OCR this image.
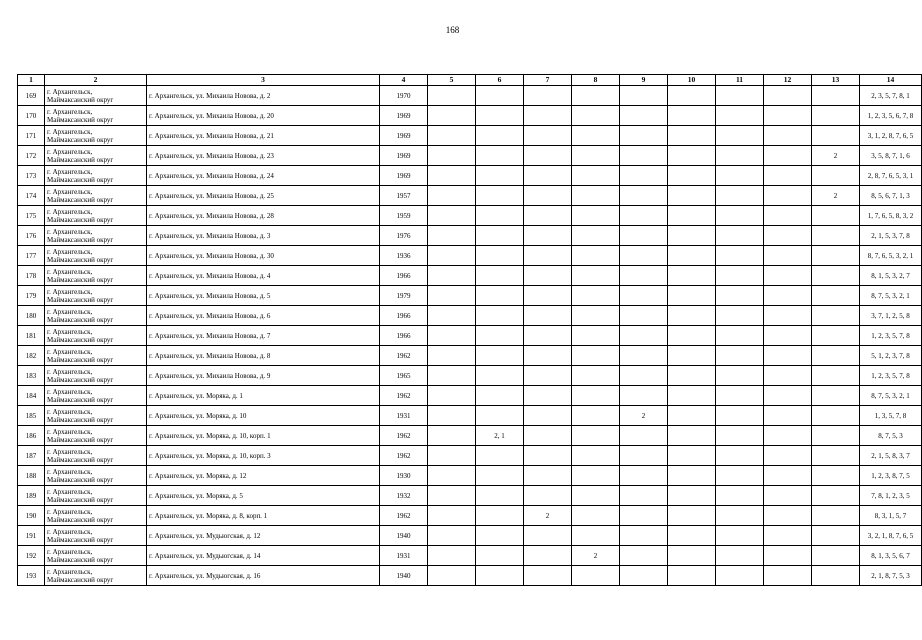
168
1	2	3	4	5	6	7	8	9	10	11	12	13	14
169	г. Архангельск,
Маймаксанский округ	г. Архангельск, ул. Михаила Новова, д. 2	1970										2, 3, 5, 7, 8, 1
170	г. Архангельск,
Маймаксанский округ	г. Архангельск, ул. Михаила Новова, д. 20	1969										1, 2, 3, 5, 6, 7, 8
171	г. Архангельск,
Маймаксанский округ	г. Архангельск, ул. Михаила Новова, д. 21	1969										3, 1, 2, 8, 7, 6, 5
172	г. Архангельск,
Маймаксанский округ	г. Архангельск, ул. Михаила Новова, д. 23	1969									2	3, 5, 8, 7, 1, 6
173	г. Архангельск,
Маймаксанский округ	г. Архангельск, ул. Михаила Новова, д. 24	1969										2, 8, 7, 6, 5, 3, 1
174	г. Архангельск,
Маймаксанский округ	г. Архангельск, ул. Михаила Новова, д. 25	1957									2	8, 5, 6, 7, 1, 3
175	г. Архангельск,
Маймаксанский округ	г. Архангельск, ул. Михаила Новова, д. 28	1959										1, 7, 6, 5, 8, 3, 2
176	г. Архангельск,
Маймаксанский округ	г. Архангельск, ул. Михаила Новова, д. 3	1976										2, 1, 5, 3, 7, 8
177	г. Архангельск,
Маймаксанский округ	г. Архангельск, ул. Михаила Новова, д. 30	1936										8, 7, 6, 5, 3, 2, 1
178	г. Архангельск,
Маймаксанский округ	г. Архангельск, ул. Михаила Новова, д. 4	1966										8, 1, 5, 3, 2, 7
179	г. Архангельск,
Маймаксанский округ	г. Архангельск, ул. Михаила Новова, д. 5	1979										8, 7, 5, 3, 2, 1
180	г. Архангельск,
Маймаксанский округ	г. Архангельск, ул. Михаила Новова, д. 6	1966										3, 7, 1, 2, 5, 8
181	г. Архангельск,
Маймаксанский округ	г. Архангельск, ул. Михаила Новова, д. 7	1966										1, 2, 3, 5, 7, 8
182	г. Архангельск,
Маймаксанский округ	г. Архангельск, ул. Михаила Новова, д. 8	1962										5, 1, 2, 3, 7, 8
183	г. Архангельск,
Маймаксанский округ	г. Архангельск, ул. Михаила Новова, д. 9	1965										1, 2, 3, 5, 7, 8
184	г. Архангельск,
Маймаксанский округ	г. Архангельск, ул. Моряка, д. 1	1962										8, 7, 5, 3, 2, 1
185	г. Архангельск,
Маймаксанский округ	г. Архангельск, ул. Моряка, д. 10	1931					2					1, 3, 5, 7, 8
186	г. Архангельск,
Маймаксанский округ	г. Архангельск, ул. Моряка, д. 10, корп. 1	1962		2, 1								8, 7, 5, 3
187	г. Архангельск,
Маймаксанский округ	г. Архангельск, ул. Моряка, д. 10, корп. 3	1962										2, 1, 5, 8, 3, 7
188	г. Архангельск,
Маймаксанский округ	г. Архангельск, ул. Моряка, д. 12	1930										1, 2, 3, 8, 7, 5
189	г. Архангельск,
Маймаксанский округ	г. Архангельск, ул. Моряка, д. 5	1932										7, 8, 1, 2, 3, 5
190	г. Архангельск,
Маймаксанский округ	г. Архангельск, ул. Моряка, д. 8, корп. 1	1962			2							8, 3, 1, 5, 7
191	г. Архангельск,
Маймаксанский округ	г. Архангельск, ул. Мудьюгская, д. 12	1940										3, 2, 1, 8, 7, 6, 5
192	г. Архангельск,
Маймаксанский округ	г. Архангельск, ул. Мудьюгская, д. 14	1931				2						8, 1, 3, 5, 6, 7
193	г. Архангельск,
Маймаксанский округ	г. Архангельск, ул. Мудьюгская, д. 16	1940										2, 1, 8, 7, 5, 3
